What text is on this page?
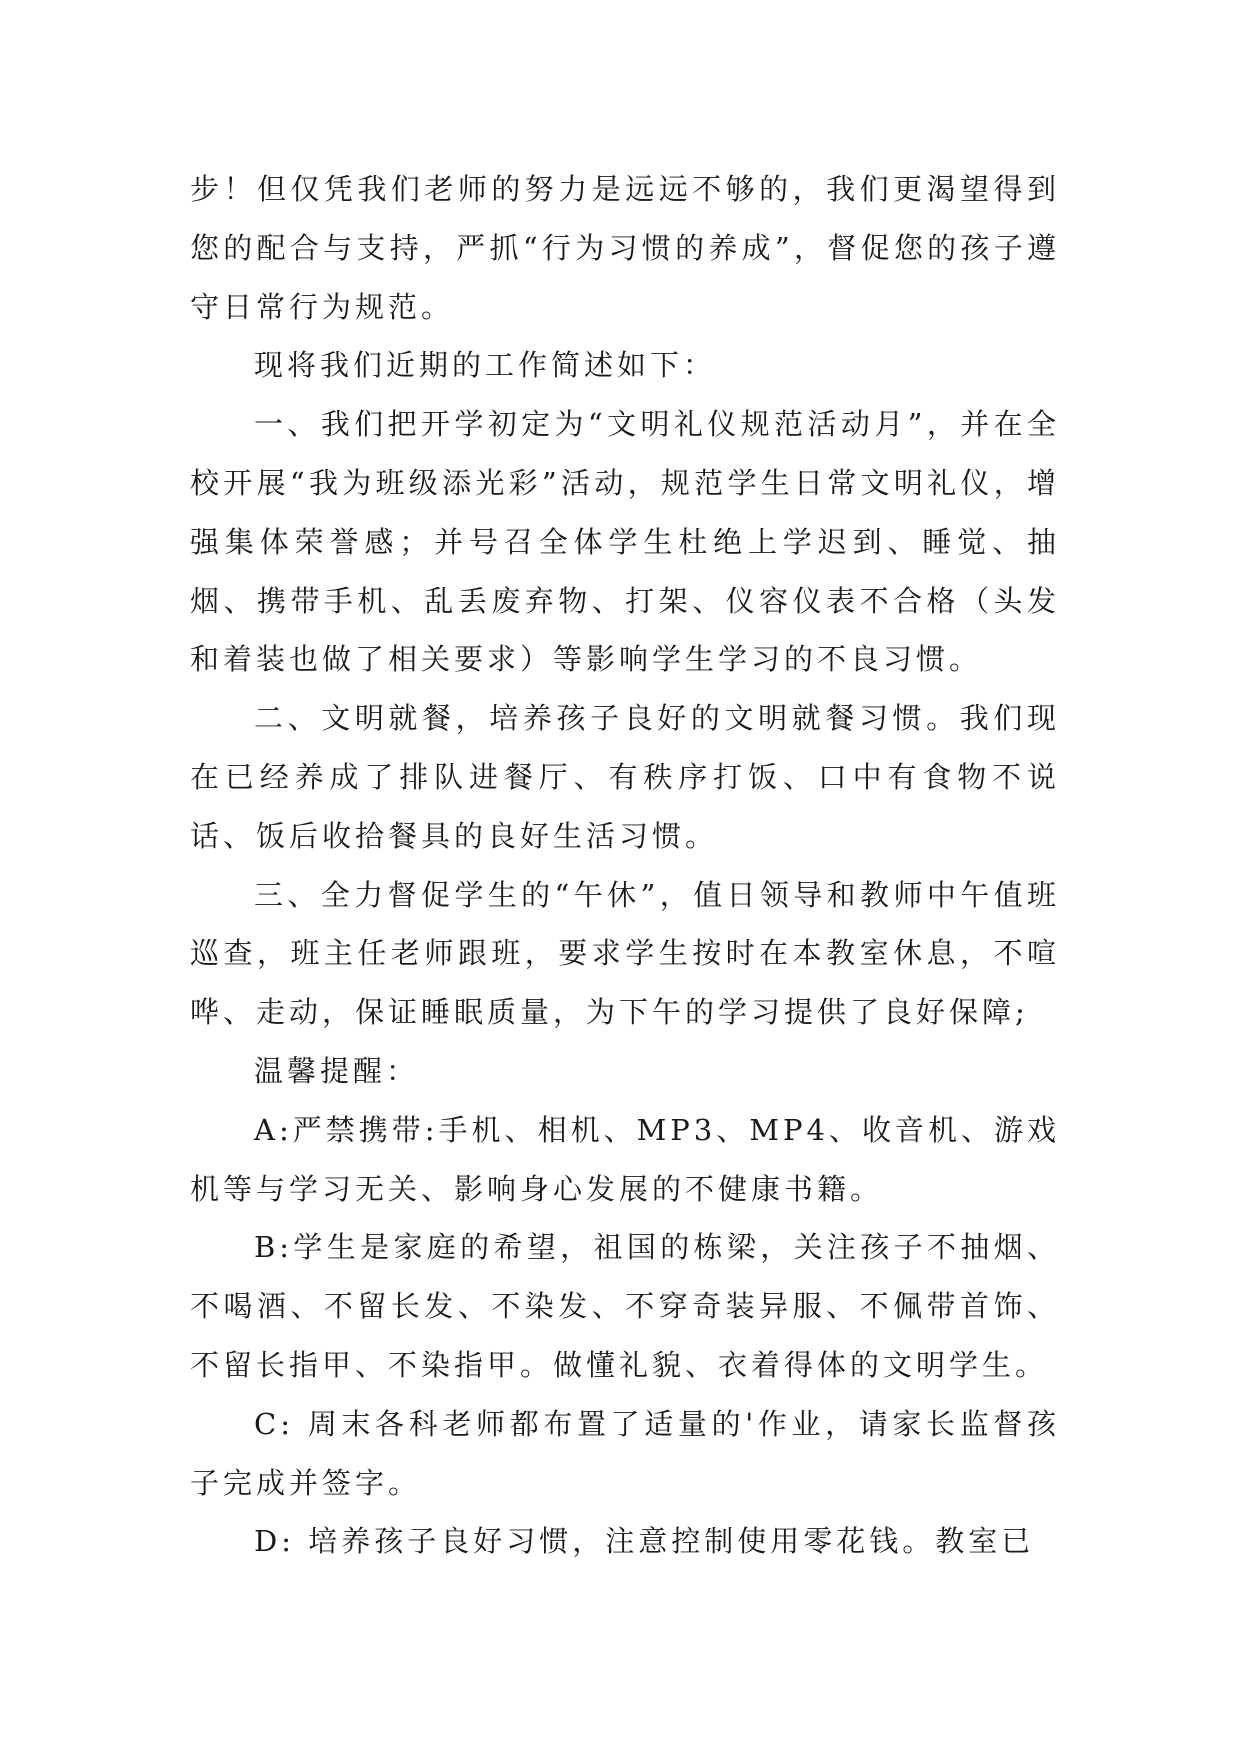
步！但仅凭我们老师的努力是远远不够的，我们更渴望得到您的配合与支持，严抓“行为习惯的养成”，督促您的孩子遵守日常行为规范。

现将我们近期的工作简述如下：

一、我们把开学初定为“文明礼仪规范活动月”，并在全校开展“我为班级添光彩”活动，规范学生日常文明礼仪，增强集体荣誉感；并号召全体学生杜绝上学迟到、睡觉、抽烟、携带手机、乱丢废弃物、打架、仪容仪表不合格（头发和着装也做了相关要求）等影响学生学习的不良习惯。

二、文明就餐，培养孩子良好的文明就餐习惯。我们现在已经养成了排队进餐厅、有秩序打饭、口中有食物不说话、饭后收拾餐具的良好生活习惯。

三、全力督促学生的“午休”，值日领导和教师中午值班巡查，班主任老师跟班，要求学生按时在本教室休息，不喧哗、走动，保证睡眠质量，为下午的学习提供了良好保障;

温馨提醒：

A:严禁携带:手机、相机、MP3、MP4、收音机、游戏机等与学习无关、影响身心发展的不健康书籍。

B:学生是家庭的希望，祖国的栋梁，关注孩子不抽烟、不喝酒、不留长发、不染发、不穿奇装异服、不佩带首饰、不留长指甲、不染指甲。做懂礼貌、衣着得体的文明学生。

C: 周末各科老师都布置了适量的'作业，请家长监督孩子完成并签字。

D: 培养孩子良好习惯，注意控制使用零花钱。教室已
